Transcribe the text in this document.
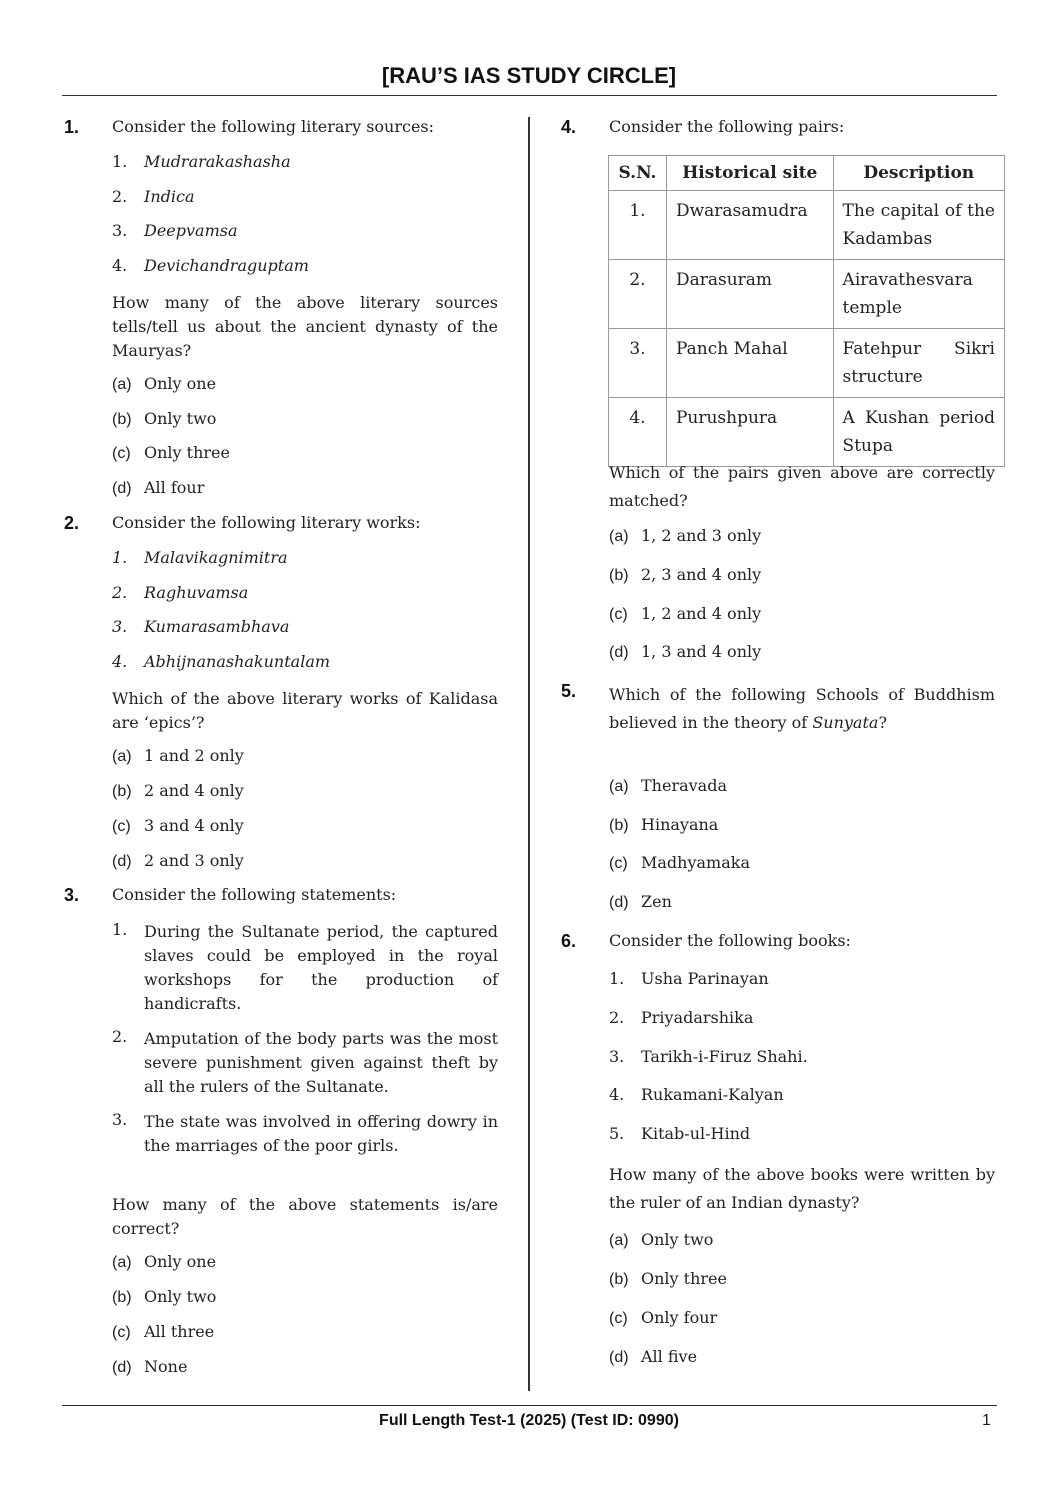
[RAU’S IAS STUDY CIRCLE]
1. Consider the following literary sources:
1. Mudrarakashasha
2. Indica
3. Deepvamsa
4. Devichandraguptam
How many of the above literary sources tells/tell us about the ancient dynasty of the Mauryas?
(a) Only one
(b) Only two
(c) Only three
(d) All four
2. Consider the following literary works:
1. Malavikagnimitra
2. Raghuvamsa
3. Kumarasambhava
4. Abhijnanashakuntalam
Which of the above literary works of Kalidasa are ‘epics’?
(a) 1 and 2 only
(b) 2 and 4 only
(c) 3 and 4 only
(d) 2 and 3 only
3. Consider the following statements:
1. During the Sultanate period, the captured slaves could be employed in the royal workshops for the production of handicrafts.
2. Amputation of the body parts was the most severe punishment given against theft by all the rulers of the Sultanate.
3. The state was involved in offering dowry in the marriages of the poor girls.
How many of the above statements is/are correct?
(a) Only one
(b) Only two
(c) All three
(d) None
4. Consider the following pairs:
S.N.	Historical site	Description
1.	Dwarasamudra	The capital of the Kadambas
2.	Darasuram	Airavathesvara temple
3.	Panch Mahal	Fatehpur Sikri structure
4.	Purushpura	A Kushan period Stupa
Which of the pairs given above are correctly matched?
(a) 1, 2 and 3 only
(b) 2, 3 and 4 only
(c) 1, 2 and 4 only
(d) 1, 3 and 4 only
5. Which of the following Schools of Buddhism believed in the theory of Sunyata?
(a) Theravada
(b) Hinayana
(c) Madhyamaka
(d) Zen
6. Consider the following books:
1. Usha Parinayan
2. Priyadarshika
3. Tarikh-i-Firuz Shahi.
4. Rukamani-Kalyan
5. Kitab-ul-Hind
How many of the above books were written by the ruler of an Indian dynasty?
(a) Only two
(b) Only three
(c) Only four
(d) All five
Full Length Test-1 (2025) (Test ID: 0990)	1
